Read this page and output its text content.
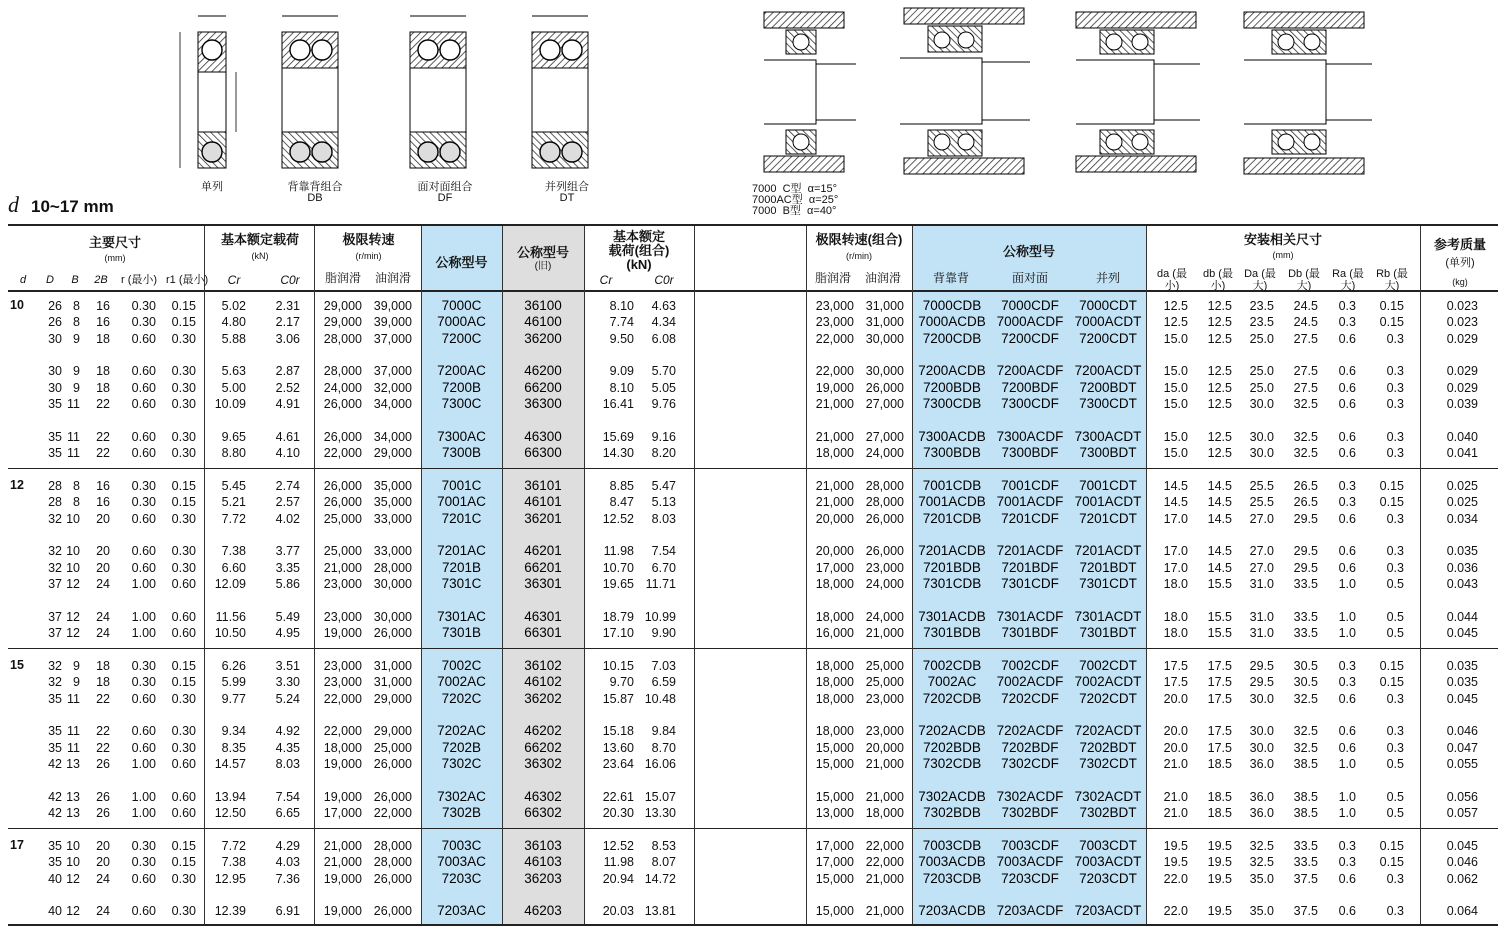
单列	背靠背组合
DB
面对面组合
DF
并列组合
DT
7000  C型  α=15°
7000AC型  α=25°
7000  B型  α=40°
d 10~17 mm
主要尺寸
(mm)
d	D	B	2B	r (最小) r1 (最小)
基本额定载荷
(kN)
Cr	C0r
极限转速
(r/min)
脂润滑	油润滑
公称型号
公称型号
(旧)
基本额定
载荷(组合)
(kN)
Cr	C0r
极限转速(组合)
(r/min)
脂润滑	油润滑
公称型号
背靠背	面对面	并列
安装相关尺寸
(mm)
da (最小)
db (最小)
Da (最大)
Db (最大)
Ra (最大)
Rb (最大)
参考质量
(单列)
(kg)
10	26 8	16	0.30	0.15	5.02	2.31	29,000 39,000	7000C	36100	8.10	4.63	23,000 31,000	7000CDB	7000CDF	7000CDT	12.5	12.5	23.5	24.5	0.3	0.15	0.023
26 8	16	0.30	0.15	4.80	2.17	29,000 39,000	7000AC	46100	7.74	4.34	23,000 31,000	7000ACDB 7000ACDF 7000ACDT	12.5	12.5	23.5	24.5	0.3	0.15	0.023
30 9	18	0.60	0.30	5.88	3.06	28,000 37,000	7200C	36200	9.50	6.08	22,000 30,000	7200CDB	7200CDF	7200CDT	15.0	12.5	25.0	27.5	0.6	0.3	0.029
30 9	18	0.60	0.30	5.63	2.87	28,000 37,000	7200AC	46200	9.09	5.70	22,000 30,000	7200ACDB 7200ACDF 7200ACDT	15.0	12.5	25.0	27.5	0.6	0.3	0.029
30 9	18	0.60	0.30	5.00	2.52	24,000 32,000	7200B	66200	8.10	5.05	19,000 26,000	7200BDB	7200BDF	7200BDT	15.0	12.5	25.0	27.5	0.6	0.3	0.029
35 11	22	0.60	0.30	10.09	4.91	26,000 34,000	7300C	36300	16.41	9.76	21,000 27,000	7300CDB	7300CDF	7300CDT	15.0	12.5	30.0	32.5	0.6	0.3	0.039
35 11	22	0.60	0.30	9.65	4.61	26,000 34,000	7300AC	46300	15.69	9.16	21,000 27,000	7300ACDB 7300ACDF 7300ACDT	15.0	12.5	30.0	32.5	0.6	0.3	0.040
35 11	22	0.60	0.30	8.80	4.10	22,000 29,000	7300B	66300	14.30	8.20	18,000 24,000	7300BDB	7300BDF	7300BDT	15.0	12.5	30.0	32.5	0.6	0.3	0.041
12	28 8	16	0.30	0.15	5.45	2.74	26,000 35,000	7001C	36101	8.85	5.47	21,000 28,000	7001CDB	7001CDF	7001CDT	14.5	14.5	25.5	26.5	0.3	0.15	0.025
28 8	16	0.30	0.15	5.21	2.57	26,000 35,000	7001AC	46101	8.47	5.13	21,000 28,000	7001ACDB 7001ACDF 7001ACDT	14.5	14.5	25.5	26.5	0.3	0.15	0.025
32 10	20	0.60	0.30	7.72	4.02	25,000 33,000	7201C	36201	12.52	8.03	20,000 26,000	7201CDB	7201CDF	7201CDT	17.0	14.5	27.0	29.5	0.6	0.3	0.034
32 10	20	0.60	0.30	7.38	3.77	25,000 33,000	7201AC	46201	11.98	7.54	20,000 26,000	7201ACDB 7201ACDF 7201ACDT	17.0	14.5	27.0	29.5	0.6	0.3	0.035
32 10	20	0.60	0.30	6.60	3.35	21,000 28,000	7201B	66201	10.70	6.70	17,000 23,000	7201BDB	7201BDF	7201BDT	17.0	14.5	27.0	29.5	0.6	0.3	0.036
37 12	24	1.00	0.60	12.09	5.86	23,000 30,000	7301C	36301	19.65 11.71	18,000 24,000	7301CDB	7301CDF	7301CDT	18.0	15.5	31.0	33.5	1.0	0.5	0.043
37 12	24	1.00	0.60	11.56	5.49	23,000 30,000	7301AC	46301	18.79 10.99	18,000 24,000	7301ACDB 7301ACDF 7301ACDT	18.0	15.5	31.0	33.5	1.0	0.5	0.044
37 12	24	1.00	0.60	10.50	4.95	19,000 26,000	7301B	66301	17.10	9.90	16,000 21,000	7301BDB	7301BDF	7301BDT	18.0	15.5	31.0	33.5	1.0	0.5	0.045
15	32 9	18	0.30	0.15	6.26	3.51	23,000 31,000	7002C	36102	10.15	7.03	18,000 25,000	7002CDB	7002CDF	7002CDT	17.5	17.5	29.5	30.5	0.3	0.15	0.035
32 9	18	0.30	0.15	5.99	3.30	23,000 31,000	7002AC	46102	9.70	6.59	18,000 25,000	7002AC	7002ACDF 7002ACDT	17.5	17.5	29.5	30.5	0.3	0.15	0.035
35 11	22	0.60	0.30	9.77	5.24	22,000 29,000	7202C	36202	15.87 10.48	18,000 23,000	7202CDB	7202CDF	7202CDT	20.0	17.5	30.0	32.5	0.6	0.3	0.045
35 11	22	0.60	0.30	9.34	4.92	22,000 29,000	7202AC	46202	15.18	9.84	18,000 23,000	7202ACDB 7202ACDF 7202ACDT	20.0	17.5	30.0	32.5	0.6	0.3	0.046
35 11	22	0.60	0.30	8.35	4.35	18,000 25,000	7202B	66202	13.60	8.70	15,000 20,000	7202BDB	7202BDF	7202BDT	20.0	17.5	30.0	32.5	0.6	0.3	0.047
42 13	26	1.00	0.60	14.57	8.03	19,000 26,000	7302C	36302	23.64 16.06	15,000 21,000	7302CDB	7302CDF	7302CDT	21.0	18.5	36.0	38.5	1.0	0.5	0.055
42 13	26	1.00	0.60	13.94	7.54	19,000 26,000	7302AC	46302	22.61 15.07	15,000 21,000	7302ACDB 7302ACDF 7302ACDT	21.0	18.5	36.0	38.5	1.0	0.5	0.056
42 13	26	1.00	0.60	12.50	6.65	17,000 22,000	7302B	66302	20.30 13.30	13,000 18,000	7302BDB	7302BDF	7302BDT	21.0	18.5	36.0	38.5	1.0	0.5	0.057
17	35 10	20	0.30	0.15	7.72	4.29	21,000 28,000	7003C	36103	12.52	8.53	17,000 22,000	7003CDB	7003CDF	7003CDT	19.5	19.5	32.5	33.5	0.3	0.15	0.045
35 10	20	0.30	0.15	7.38	4.03	21,000 28,000	7003AC	46103	11.98	8.07	17,000 22,000	7003ACDB 7003ACDF 7003ACDT	19.5	19.5	32.5	33.5	0.3	0.15	0.046
40 12	24	0.60	0.30	12.95	7.36	19,000 26,000	7203C	36203	20.94 14.72	15,000 21,000	7203CDB	7203CDF	7203CDT	22.0	19.5	35.0	37.5	0.6	0.3	0.062
40 12	24	0.60	0.30	12.39	6.91	19,000 26,000	7203AC	46203	20.03 13.81	15,000 21,000	7203ACDB 7203ACDF 7203ACDT	22.0	19.5	35.0	37.5	0.6	0.3	0.064
